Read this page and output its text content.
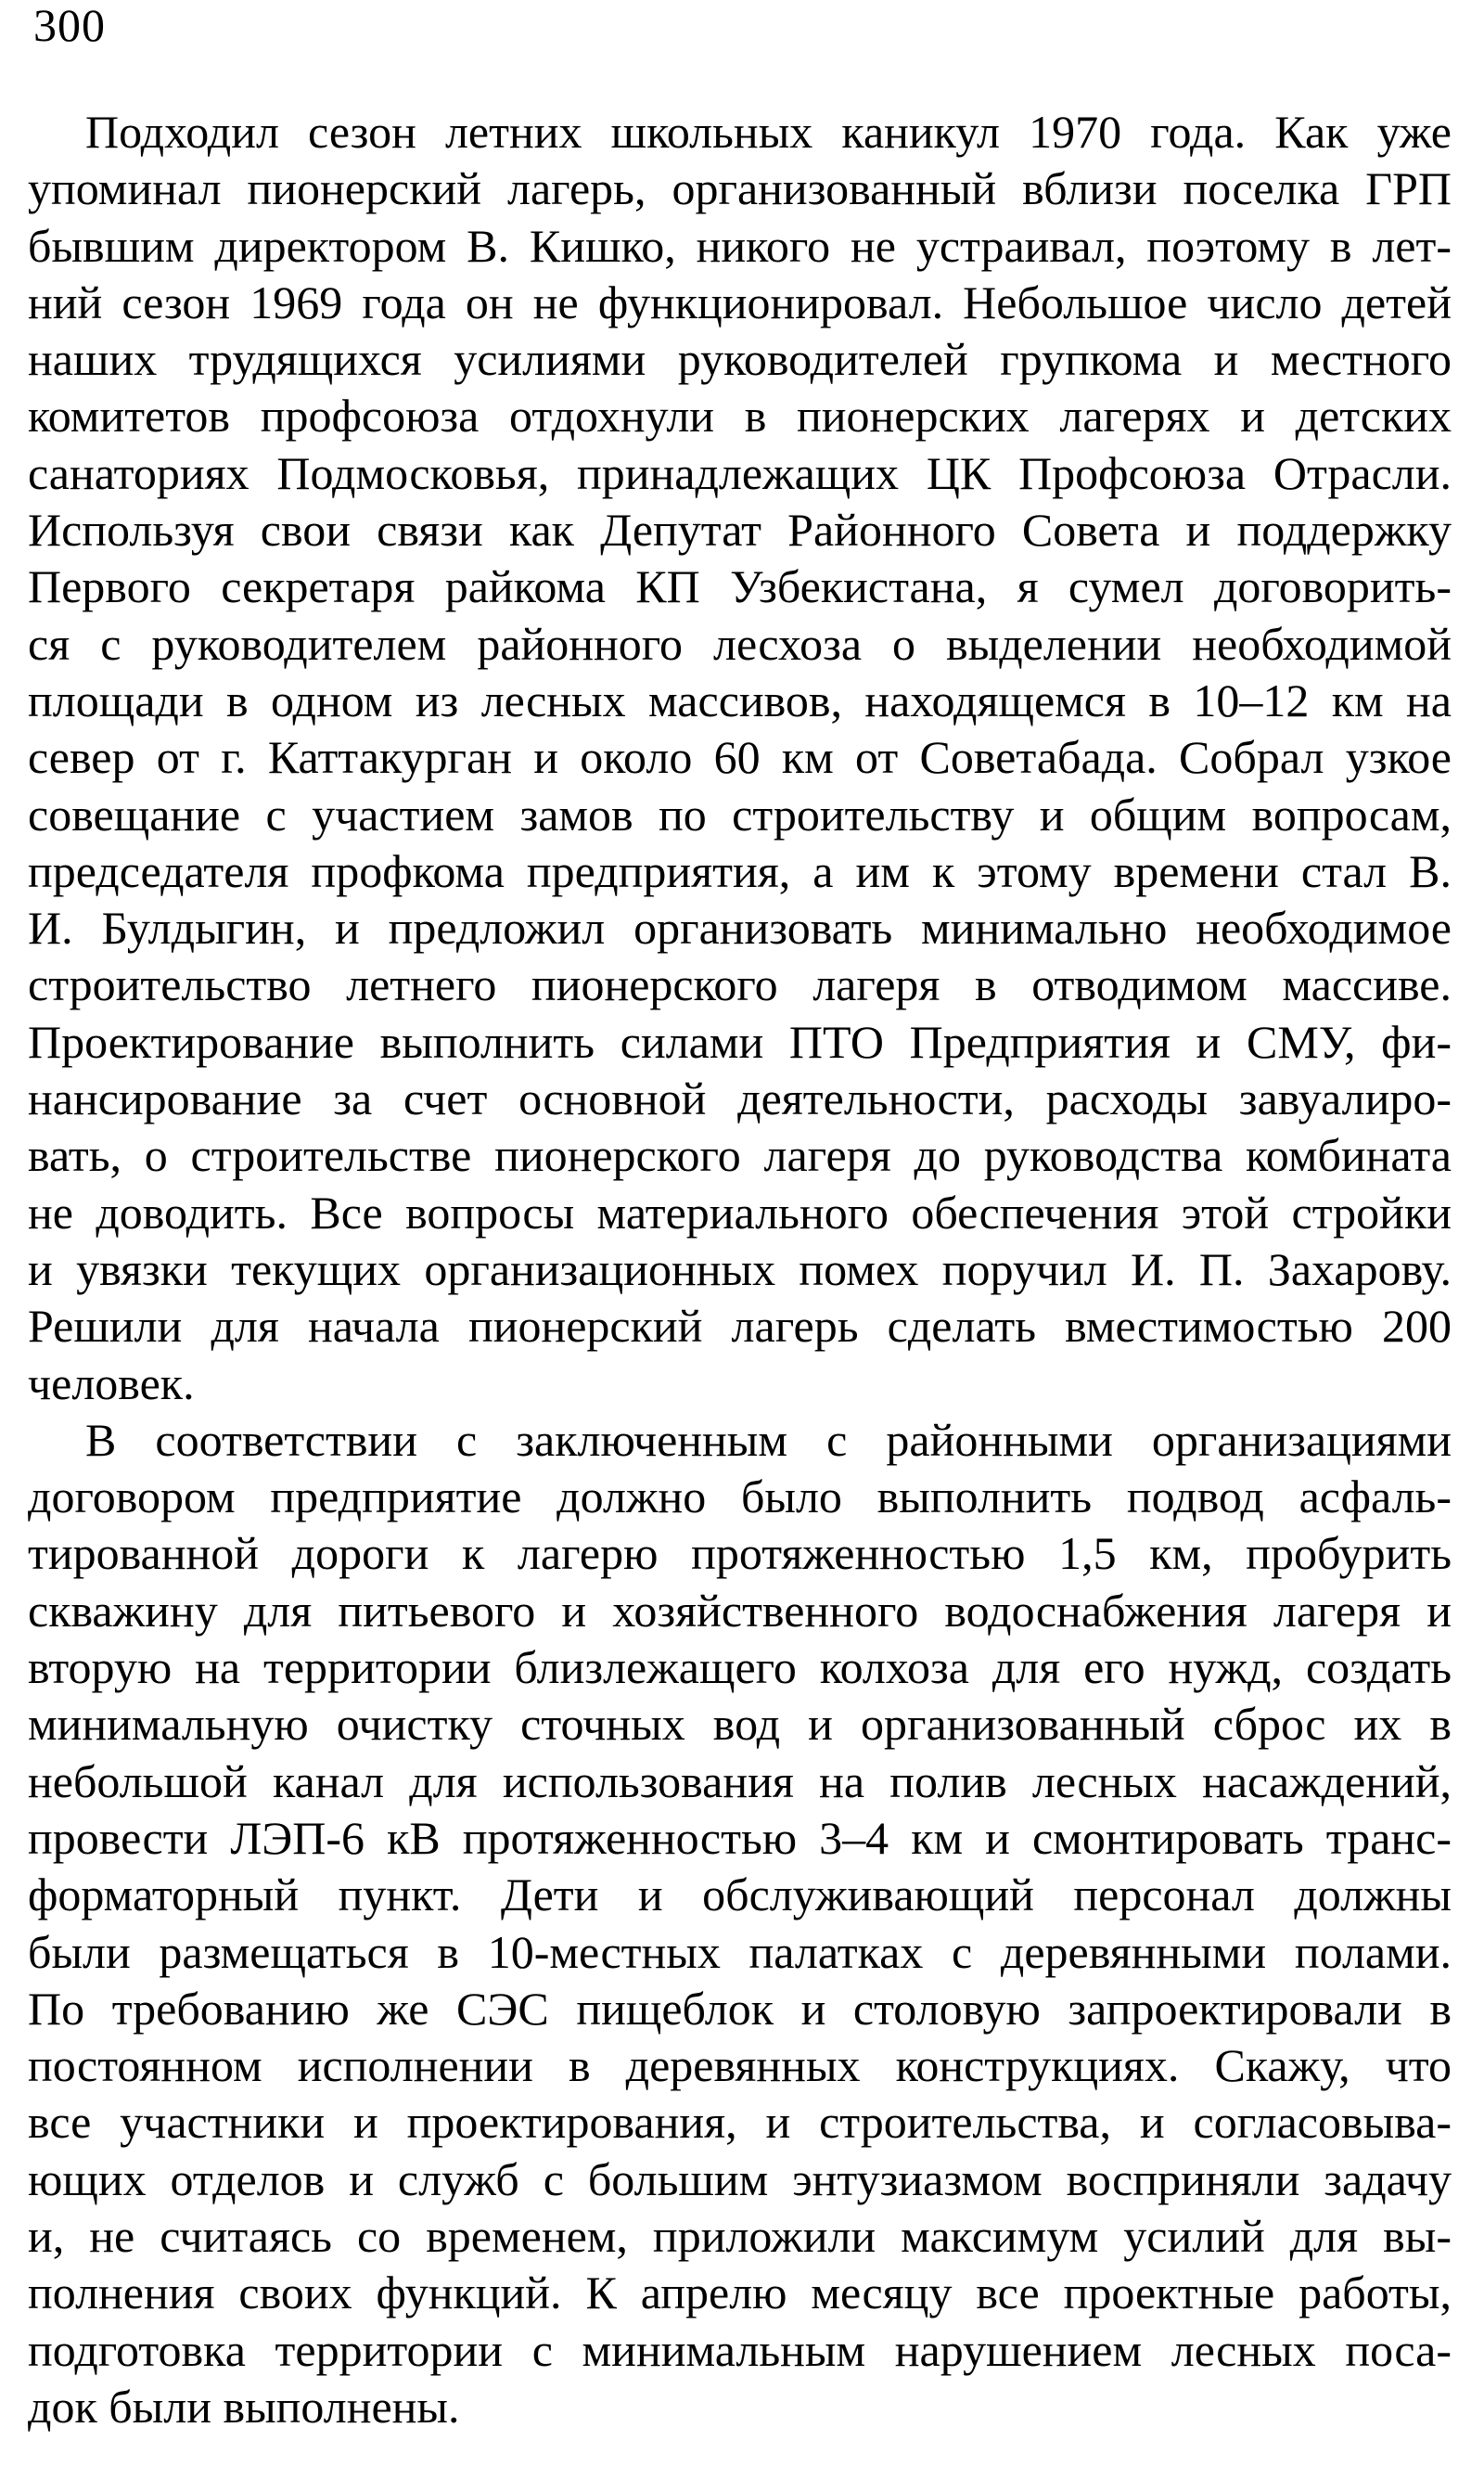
300
Подходил сезон летних школьных каникул 1970 года. Как уже
упоминал пионерский лагерь, организованный вблизи поселка ГРП
бывшим директором В. Кишко, никого не устраивал, поэтому в лет-
ний сезон 1969 года он не функционировал. Небольшое число детей
наших трудящихся усилиями руководителей групкома и местного
комитетов профсоюза отдохнули в пионерских лагерях и детских
санаториях Подмосковья, принадлежащих ЦК Профсоюза Отрасли.
Используя свои связи как Депутат Районного Совета и поддержку
Первого секретаря райкома КП Узбекистана, я сумел договорить-
ся с руководителем районного лесхоза о выделении необходимой
площади в одном из лесных массивов, находящемся в 10–12 км на
север от г. Каттакурган и около 60 км от Советабада. Собрал узкое
совещание с участием замов по строительству и общим вопросам,
председателя профкома предприятия, а им к этому времени стал В.
И. Булдыгин, и предложил организовать минимально необходимое
строительство летнего пионерского лагеря в отводимом массиве.
Проектирование выполнить силами ПТО Предприятия и СМУ, фи-
нансирование за счет основной деятельности, расходы завуалиро-
вать, о строительстве пионерского лагеря до руководства комбината
не доводить. Все вопросы материального обеспечения этой стройки
и увязки текущих организационных помех поручил И. П. Захарову.
Решили для начала пионерский лагерь сделать вместимостью 200
человек.
В соответствии с заключенным с районными организациями
договором предприятие должно было выполнить подвод асфаль-
тированной дороги к лагерю протяженностью 1,5 км, пробурить
скважину для питьевого и хозяйственного водоснабжения лагеря и
вторую на территории близлежащего колхоза для его нужд, создать
минимальную очистку сточных вод и организованный сброс их в
небольшой канал для использования на полив лесных насаждений,
провести ЛЭП-6 кВ протяженностью 3–4 км и смонтировать транс-
форматорный пункт. Дети и обслуживающий персонал должны
были размещаться в 10-местных палатках с деревянными полами.
По требованию же СЭС пищеблок и столовую запроектировали в
постоянном исполнении в деревянных конструкциях. Скажу, что
все участники и проектирования, и строительства, и согласовыва-
ющих отделов и служб с большим энтузиазмом восприняли задачу
и, не считаясь со временем, приложили максимум усилий для вы-
полнения своих функций. К апрелю месяцу все проектные работы,
подготовка территории с минимальным нарушением лесных поса-
док были выполнены.
